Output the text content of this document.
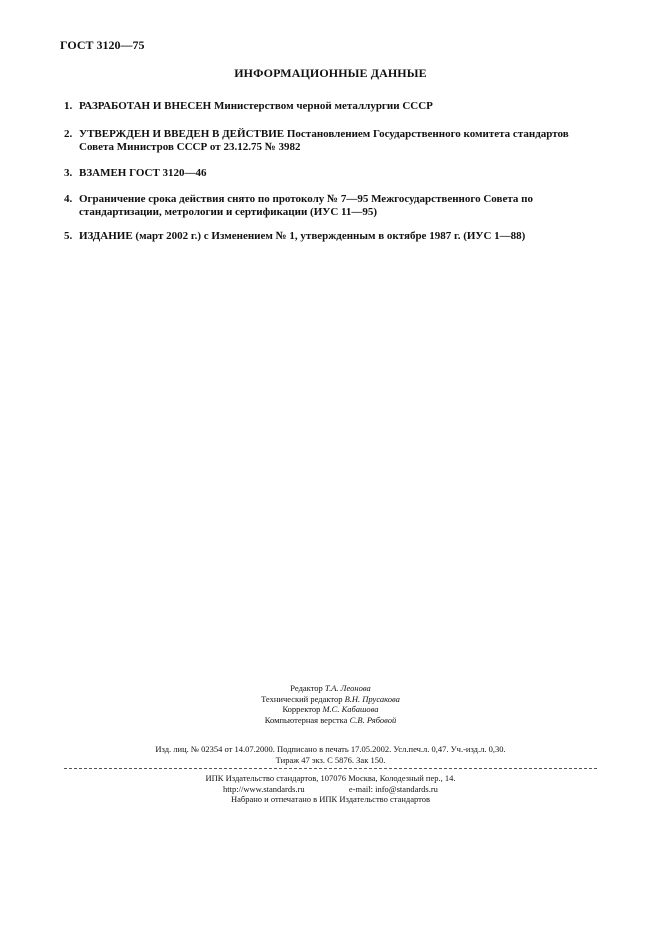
ГОСТ 3120—75
ИНФОРМАЦИОННЫЕ ДАННЫЕ
1. РАЗРАБОТАН И ВНЕСЕН Министерством черной металлургии СССР
2. УТВЕРЖДЕН И ВВЕДЕН В ДЕЙСТВИЕ Постановлением Государственного комитета стандартов Совета Министров СССР от 23.12.75 № 3982
3. ВЗАМЕН ГОСТ 3120—46
4. Ограничение срока действия снято по протоколу № 7—95 Межгосударственного Совета по стандартизации, метрологии и сертификации (ИУС 11—95)
5. ИЗДАНИЕ (март 2002 г.) с Изменением № 1, утвержденным в октябре 1987 г. (ИУС 1—88)
Редактор Т.А. Леонова
Технический редактор В.Н. Прусакова
Корректор М.С. Кабашова
Компьютерная верстка С.В. Рябовой
Изд. лиц. № 02354 от 14.07.2000. Подписано в печать 17.05.2002. Усл.печ.л. 0,47. Уч.-изд.л. 0,30.
Тираж 47 экз. С 5876. Зак 150.
ИПК Издательство стандартов, 107076 Москва, Колодезный пер., 14.
http://www.standards.ru	e-mail: info@standards.ru
Набрано и отпечатано в ИПК Издательство стандартов
